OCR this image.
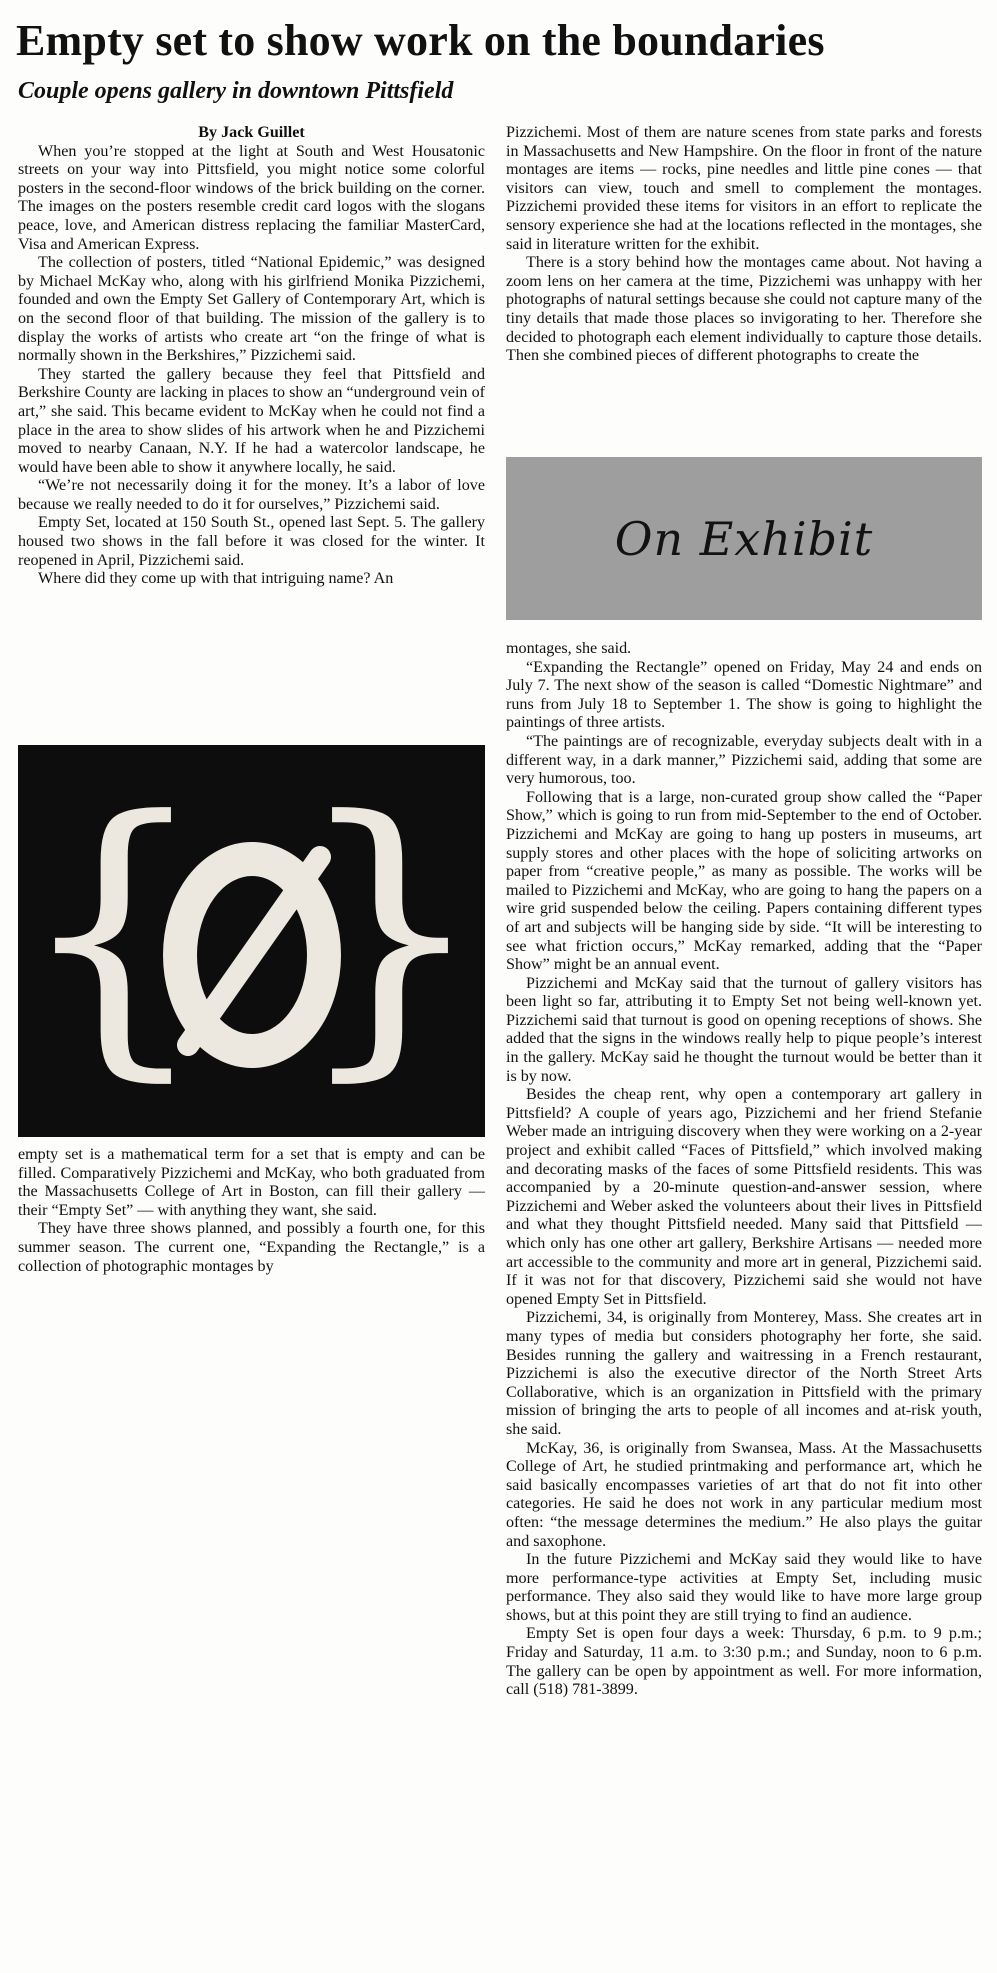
Empty set to show work on the boundaries
Couple opens gallery in downtown Pittsfield

By Jack Guillet

When you’re stopped at the light at South and West Housatonic streets on your way into Pittsfield, you might notice some colorful posters in the second-floor windows of the brick building on the corner. The images on the posters resemble credit card logos with the slogans peace, love, and American distress replacing the familiar MasterCard, Visa and American Express.

The collection of posters, titled “National Epidemic,” was designed by Michael McKay who, along with his girlfriend Monika Pizzichemi, founded and own the Empty Set Gallery of Contemporary Art, which is on the second floor of that building. The mission of the gallery is to display the works of artists who create art “on the fringe of what is normally shown in the Berkshires,” Pizzichemi said.

They started the gallery because they feel that Pittsfield and Berkshire County are lacking in places to show an “underground vein of art,” she said. This became evident to McKay when he could not find a place in the area to show slides of his artwork when he and Pizzichemi moved to nearby Canaan, N.Y. If he had a watercolor landscape, he would have been able to show it anywhere locally, he said.

“We’re not necessarily doing it for the money. It’s a labor of love because we really needed to do it for ourselves,” Pizzichemi said.

Empty Set, located at 150 South St., opened last Sept. 5. The gallery housed two shows in the fall before it was closed for the winter. It reopened in April, Pizzichemi said.

Where did they come up with that intriguing name? An

{ }

empty set is a mathematical term for a set that is empty and can be filled. Comparatively Pizzichemi and McKay, who both graduated from the Massachusetts College of Art in Boston, can fill their gallery — their “Empty Set” — with anything they want, she said.

They have three shows planned, and possibly a fourth one, for this summer season. The current one, “Expanding the Rectangle,” is a collection of photographic montages by

Pizzichemi. Most of them are nature scenes from state parks and forests in Massachusetts and New Hampshire. On the floor in front of the nature montages are items — rocks, pine needles and little pine cones — that visitors can view, touch and smell to complement the montages. Pizzichemi provided these items for visitors in an effort to replicate the sensory experience she had at the locations reflected in the montages, she said in literature written for the exhibit.

There is a story behind how the montages came about. Not having a zoom lens on her camera at the time, Pizzichemi was unhappy with her photographs of natural settings because she could not capture many of the tiny details that made those places so invigorating to her. Therefore she decided to photograph each element individually to capture those details. Then she combined pieces of different photographs to create the

On Exhibit

montages, she said.

“Expanding the Rectangle” opened on Friday, May 24 and ends on July 7. The next show of the season is called “Domestic Nightmare” and runs from July 18 to September 1. The show is going to highlight the paintings of three artists.

“The paintings are of recognizable, everyday subjects dealt with in a different way, in a dark manner,” Pizzichemi said, adding that some are very humorous, too.

Following that is a large, non-curated group show called the “Paper Show,” which is going to run from mid-September to the end of October. Pizzichemi and McKay are going to hang up posters in museums, art supply stores and other places with the hope of soliciting artworks on paper from “creative people,” as many as possible. The works will be mailed to Pizzichemi and McKay, who are going to hang the papers on a wire grid suspended below the ceiling. Papers containing different types of art and subjects will be hanging side by side. “It will be interesting to see what friction occurs,” McKay remarked, adding that the “Paper Show” might be an annual event.

Pizzichemi and McKay said that the turnout of gallery visitors has been light so far, attributing it to Empty Set not being well-known yet. Pizzichemi said that turnout is good on opening receptions of shows. She added that the signs in the windows really help to pique people’s interest in the gallery. McKay said he thought the turnout would be better than it is by now.

Besides the cheap rent, why open a contemporary art gallery in Pittsfield? A couple of years ago, Pizzichemi and her friend Stefanie Weber made an intriguing discovery when they were working on a 2-year project and exhibit called “Faces of Pittsfield,” which involved making and decorating masks of the faces of some Pittsfield residents. This was accompanied by a 20-minute question-and-answer session, where Pizzichemi and Weber asked the volunteers about their lives in Pittsfield and what they thought Pittsfield needed. Many said that Pittsfield — which only has one other art gallery, Berkshire Artisans — needed more art accessible to the community and more art in general, Pizzichemi said. If it was not for that discovery, Pizzichemi said she would not have opened Empty Set in Pittsfield.

Pizzichemi, 34, is originally from Monterey, Mass. She creates art in many types of media but considers photography her forte, she said. Besides running the gallery and waitressing in a French restaurant, Pizzichemi is also the executive director of the North Street Arts Collaborative, which is an organization in Pittsfield with the primary mission of bringing the arts to people of all incomes and at-risk youth, she said.

McKay, 36, is originally from Swansea, Mass. At the Massachusetts College of Art, he studied printmaking and performance art, which he said basically encompasses varieties of art that do not fit into other categories. He said he does not work in any particular medium most often: “the message determines the medium.” He also plays the guitar and saxophone.

In the future Pizzichemi and McKay said they would like to have more performance-type activities at Empty Set, including music performance. They also said they would like to have more large group shows, but at this point they are still trying to find an audience.

Empty Set is open four days a week: Thursday, 6 p.m. to 9 p.m.; Friday and Saturday, 11 a.m. to 3:30 p.m.; and Sunday, noon to 6 p.m. The gallery can be open by appointment as well. For more information, call (518) 781-3899.
